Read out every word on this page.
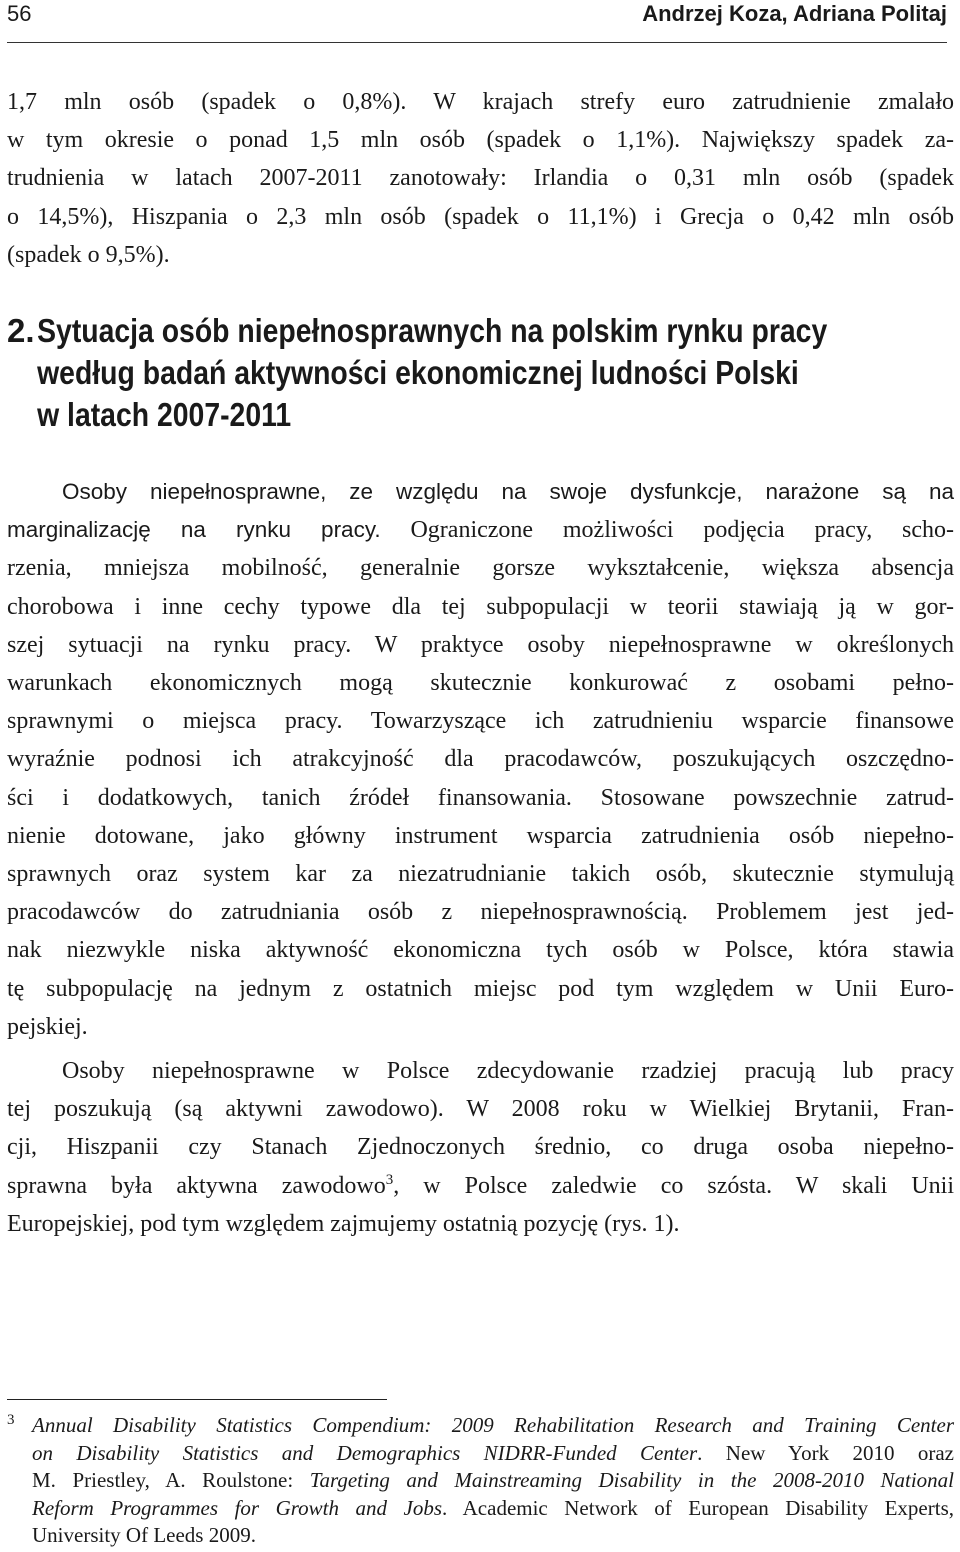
56	Andrzej Koza, Adriana Politaj

1,7 mln osób (spadek o 0,8%). W krajach strefy euro zatrudnienie zmalało
w tym okresie o ponad 1,5 mln osób (spadek o 1,1%). Największy spadek za-
trudnienia w latach 2007-2011 zanotowały: Irlandia o 0,31 mln osób (spadek
o 14,5%), Hiszpania o 2,3 mln osób (spadek o 11,1%) i Grecja o 0,42 mln osób
(spadek o 9,5%).

2. Sytuacja osób niepełnosprawnych na polskim rynku pracy
według badań aktywności ekonomicznej ludności Polski
w latach 2007-2011

Osoby niepełnosprawne, ze względu na swoje dysfunkcje, narażone są na
marginalizację na rynku pracy. Ograniczone możliwości podjęcia pracy, scho-
rzenia, mniejsza mobilność, generalnie gorsze wykształcenie, większa absencja
chorobowa i inne cechy typowe dla tej subpopulacji w teorii stawiają ją w gor-
szej sytuacji na rynku pracy. W praktyce osoby niepełnosprawne w określonych
warunkach ekonomicznych mogą skutecznie konkurować z osobami pełno-
sprawnymi o miejsca pracy. Towarzyszące ich zatrudnieniu wsparcie finansowe
wyraźnie podnosi ich atrakcyjność dla pracodawców, poszukujących oszczędno-
ści i dodatkowych, tanich źródeł finansowania. Stosowane powszechnie zatrud-
nienie dotowane, jako główny instrument wsparcia zatrudnienia osób niepełno-
sprawnych oraz system kar za niezatrudnianie takich osób, skutecznie stymulują
pracodawców do zatrudniania osób z niepełnosprawnością. Problemem jest jed-
nak niezwykle niska aktywność ekonomiczna tych osób w Polsce, która stawia
tę subpopulację na jednym z ostatnich miejsc pod tym względem w Unii Euro-
pejskiej.

Osoby niepełnosprawne w Polsce zdecydowanie rzadziej pracują lub pracy
tej poszukują (są aktywni zawodowo). W 2008 roku w Wielkiej Brytanii, Fran-
cji, Hiszpanii czy Stanach Zjednoczonych średnio, co druga osoba niepełno-
sprawna była aktywna zawodowo$^3$, w Polsce zaledwie co szósta. W skali Unii
Europejskiej, pod tym względem zajmujemy ostatnią pozycję (rys. 1).

3 Annual Disability Statistics Compendium: 2009 Rehabilitation Research and Training Center
on Disability Statistics and Demographics NIDRR-Funded Center. New York 2010 oraz
M. Priestley, A. Roulstone: Targeting and Mainstreaming Disability in the 2008-2010 National
Reform Programmes for Growth and Jobs. Academic Network of European Disability Experts,
University Of Leeds 2009.
